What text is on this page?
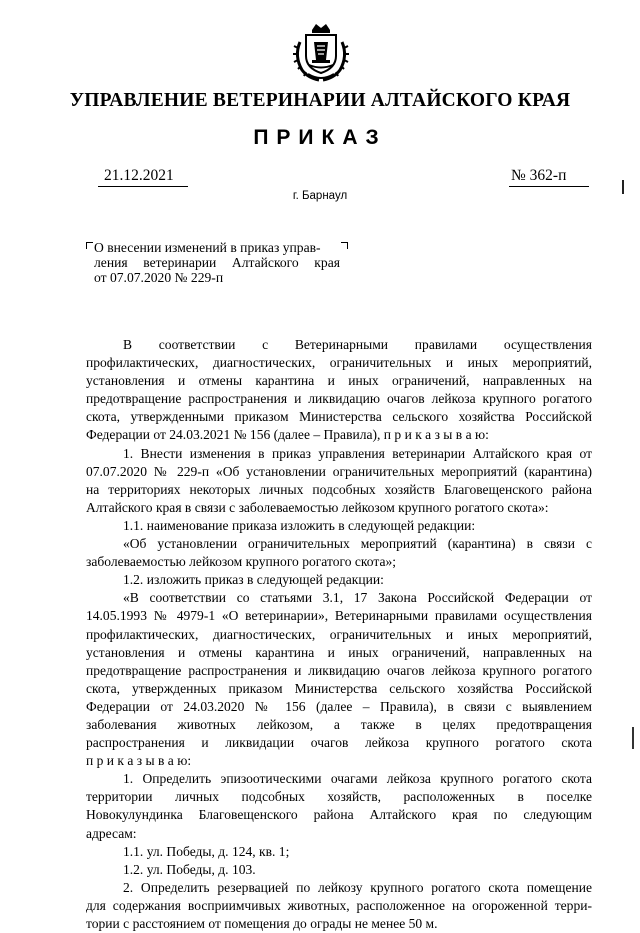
УПРАВЛЕНИЕ ВЕТЕРИНАРИИ АЛТАЙСКОГО КРАЯ
ПРИКАЗ
21.12.2021	№ 362-п
г. Барнаул
О внесении изменений в приказ управ-
ления ветеринарии Алтайского края
от 07.07.2020 № 229-п
В соответствии с Ветеринарными правилами осуществления
профилактических, диагностических, ограничительных и иных мероприятий,
установления и отмены карантина и иных ограничений, направленных на
предотвращение распространения и ликвидацию очагов лейкоза крупного рогатого
скота, утвержденными приказом Министерства сельского хозяйства Российской
Федерации от 24.03.2021 № 156 (далее – Правила), п р и к а з ы в а ю:
1. Внести изменения в приказ управления ветеринарии Алтайского края от
07.07.2020 № 229-п «Об установлении ограничительных мероприятий (карантина)
на территориях некоторых личных подсобных хозяйств Благовещенского района
Алтайского края в связи с заболеваемостью лейкозом крупного рогатого скота»:
1.1. наименование приказа изложить в следующей редакции:
«Об установлении ограничительных мероприятий (карантина) в связи с
заболеваемостью лейкозом крупного рогатого скота»;
1.2. изложить приказ в следующей редакции:
«В соответствии со статьями 3.1, 17 Закона Российской Федерации от
14.05.1993 № 4979-1 «О ветеринарии», Ветеринарными правилами осуществления
профилактических, диагностических, ограничительных и иных мероприятий,
установления и отмены карантина и иных ограничений, направленных на
предотвращение распространения и ликвидацию очагов лейкоза крупного рогатого
скота, утвержденных приказом Министерства сельского хозяйства Российской
Федерации от 24.03.2020 № 156 (далее – Правила), в связи с выявлением
заболевания животных лейкозом, а также в целях предотвращения
распространения и ликвидации очагов лейкоза крупного рогатого скота
п р и к а з ы в а ю:
1. Определить эпизоотическими очагами лейкоза крупного рогатого скота
территории личных подсобных хозяйств, расположенных в поселке
Новокулундинка Благовещенского района Алтайского края по следующим
адресам:
1.1. ул. Победы, д. 124, кв. 1;
1.2. ул. Победы, д. 103.
2. Определить резервацией по лейкозу крупного рогатого скота помещение
для содержания восприимчивых животных, расположенное на огороженной терри-
тории с расстоянием от помещения до ограды не менее 50 м.
